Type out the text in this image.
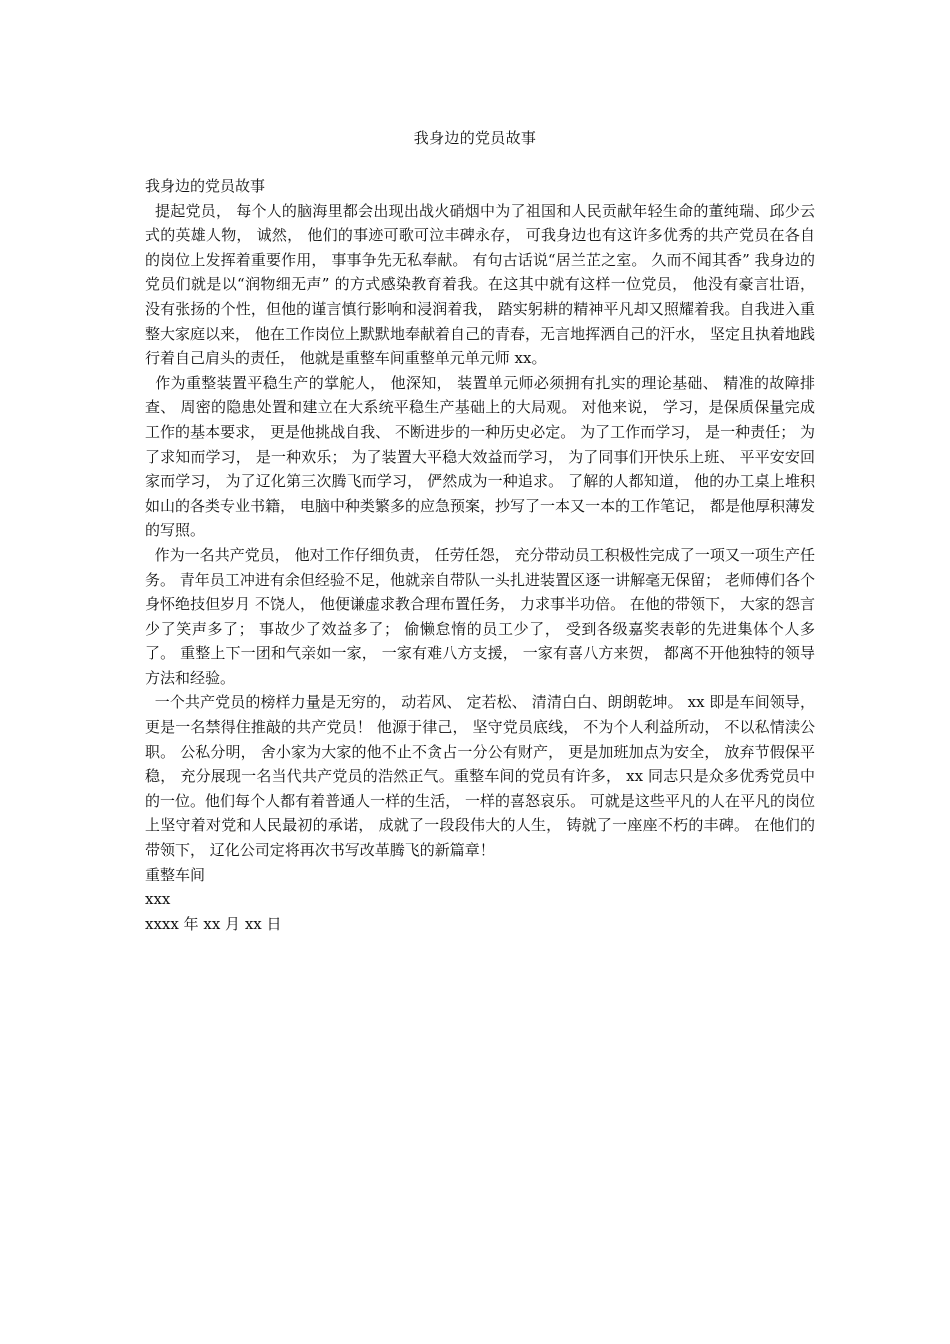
我身边的党员故事
我身边的党员故事
提起党员， 每个人的脑海里都会出现出战火硝烟中为了祖国和人民贡献年轻生命的董纯瑞、邱少云式的英雄人物， 诚然， 他们的事迹可歌可泣丰碑永存， 可我身边也有这许多优秀的共产党员在各自的岗位上发挥着重要作用， 事事争先无私奉献。 有句古话说“居兰芷之室。 久而不闻其香” 我身边的党员们就是以“润物细无声” 的方式感染教育着我。在这其中就有这样一位党员， 他没有豪言壮语， 没有张扬的个性，但他的谨言慎行影响和浸润着我， 踏实躬耕的精神平凡却又照耀着我。自我进入重整大家庭以来， 他在工作岗位上默默地奉献着自己的青春，无言地挥洒自己的汗水， 坚定且执着地践行着自己肩头的责任， 他就是重整车间重整单元单元师 xx。
作为重整装置平稳生产的掌舵人， 他深知， 装置单元师必须拥有扎实的理论基础、 精准的故障排查、 周密的隐患处置和建立在大系统平稳生产基础上的大局观。 对他来说， 学习，是保质保量完成工作的基本要求， 更是他挑战自我、 不断进步的一种历史必定。 为了工作而学习， 是一种责任； 为了求知而学习， 是一种欢乐； 为了装置大平稳大效益而学习， 为了同事们开快乐上班、 平平安安回家而学习， 为了辽化第三次腾飞而学习， 俨然成为一种追求。 了解的人都知道， 他的办工桌上堆积如山的各类专业书籍， 电脑中种类繁多的应急预案，抄写了一本又一本的工作笔记， 都是他厚积薄发的写照。
作为一名共产党员， 他对工作仔细负责， 任劳任怨， 充分带动员工积极性完成了一项又一项生产任务。 青年员工冲进有余但经验不足，他就亲自带队一头扎进装置区逐一讲解毫无保留； 老师傅们各个身怀绝技但岁月 不饶人， 他便谦虚求教合理布置任务， 力求事半功倍。 在他的带领下， 大家的怨言少了笑声多了； 事故少了效益多了； 偷懒怠惰的员工少了， 受到各级嘉奖表彰的先进集体个人多了。 重整上下一团和气亲如一家， 一家有难八方支援， 一家有喜八方来贺， 都离不开他独特的领导方法和经验。
一个共产党员的榜样力量是无穷的， 动若风、 定若松、 清清白白、朗朗乾坤。 xx 即是车间领导， 更是一名禁得住推敲的共产党员！ 他源于律己， 坚守党员底线， 不为个人利益所动， 不以私情渎公职。 公私分明， 舍小家为大家的他不止不贪占一分公有财产， 更是加班加点为安全， 放弃节假保平稳， 充分展现一名当代共产党员的浩然正气。重整车间的党员有许多， xx 同志只是众多优秀党员中的一位。他们每个人都有着普通人一样的生活， 一样的喜怒哀乐。 可就是这些平凡的人在平凡的岗位上坚守着对党和人民最初的承诺， 成就了一段段伟大的人生， 铸就了一座座不朽的丰碑。 在他们的带领下， 辽化公司定将再次书写改革腾飞的新篇章！
重整车间
xxx
xxxx 年 xx 月 xx 日
